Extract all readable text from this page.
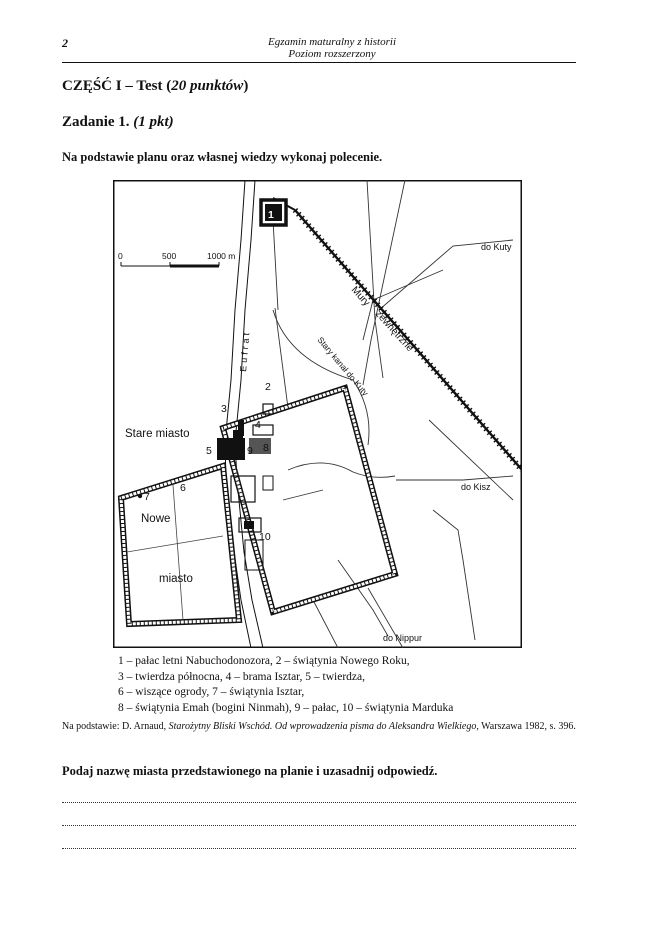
2	Egzamin maturalny z historii
Poziom rozszerzony
CZĘŚĆ I – Test (20 punktów)
Zadanie 1. (1 pkt)
Na podstawie planu oraz własnej wiedzy wykonaj polecenie.
0	500	1000 m
Eufrat
Mury
zewnętrzne
Stary kanał do Kuty
Stare miasto
Nowe
miasto
do Kuty
do Kisz
do Nippur
1
2
3
4
5
6
7
8
9
10
1 – pałac letni Nabuchodonozora, 2 – świątynia Nowego Roku,
3 – twierdza północna, 4 – brama Isztar, 5 – twierdza,
6 – wiszące ogrody, 7 – świątynia Isztar,
8 – świątynia Emah (bogini Ninmah), 9 – pałac, 10 – świątynia Marduka
Na podstawie: D. Arnaud, Starożytny Bliski Wschód. Od wprowadzenia pisma do Aleksandra Wielkiego, Warszawa 1982, s. 396.
Podaj nazwę miasta przedstawionego na planie i uzasadnij odpowiedź.
